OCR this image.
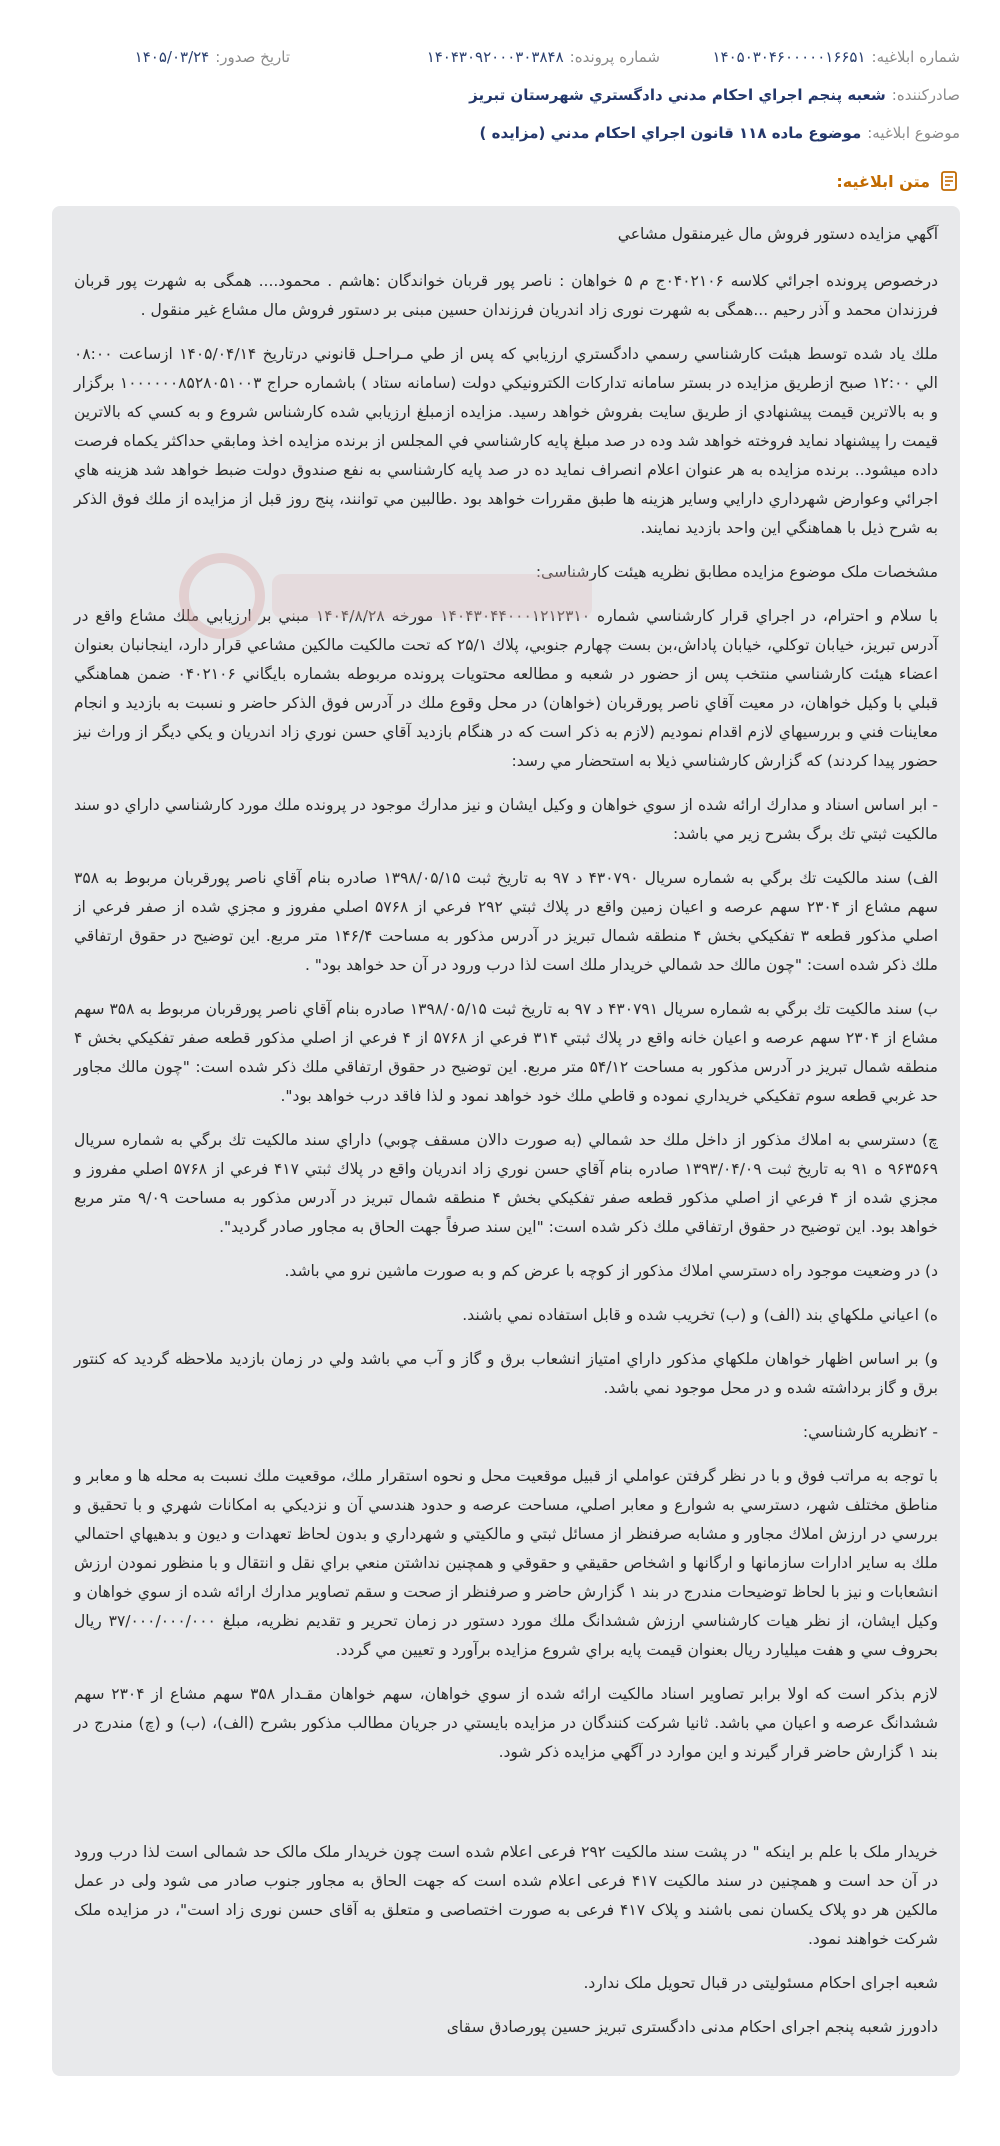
شماره ابلاغیه:
۱۴۰۵۰۳۰۴۶۰۰۰۰۰۱۶۶۵۱
شماره پرونده:
۱۴۰۴۳۰۹۲۰۰۰۳۰۳۸۴۸
تاریخ صدور:
۱۴۰۵/۰۳/۲۴
صادرکننده:
شعبه پنجم اجراي احكام مدني دادگستري شهرستان تبريز
موضوع ابلاغیه:
موضوع ماده ۱۱۸ قانون اجراي احكام مدني (مزايده )
متن ابلاغیه:

آگهي مزايده دستور فروش مال غيرمنقول مشاعي

درخصوص پرونده اجرائي كلاسه ۰۴۰۲۱۰۶ج م ۵ خواهان : ناصر پور قربان خواندگان :هاشم . محمود.... همگی به شهرت پور قربان فرزندان محمد و آذر رحیم ...همگی به شهرت نوری زاد اندریان فرزندان حسین مبنی بر دستور فروش مال مشاع غیر منقول .

ملك ياد شده توسط هبئت كارشناسي رسمي دادگستري ارزيابي كه پس از طي مـراحـل قانوني درتاريخ ۱۴۰۵/۰۴/۱۴ ازساعت ۰۸:۰۰ الي ۱۲:۰۰ صبح ازطريق مزايده در بستر سامانه تداركات الكترونيكي دولت (سامانه ستاد ) باشماره حراج ۱۰۰۰۰۰۰۸۵۲۸۰۵۱۰۰۳ برگزار و به بالاترين قيمت پيشنهادي از طريق سايت بفروش خواهد رسيد. مزايده ازمبلغ ارزيابي شده كارشناس شروع و به كسي كه بالاترين قيمت را پيشنهاد نمايد فروخته خواهد شد وده در صد مبلغ پايه كارشناسي في المجلس از برنده مزايده اخذ ومابقي حداكثر يكماه فرصت داده ميشود.. برنده مزايده به هر عنوان اعلام انصراف نمايد ده در صد پايه كارشناسي به نفع صندوق دولت ضبط خواهد شد هزينه هاي اجرائي وعوارض شهرداري دارايي وساير هزينه ها طبق مقررات خواهد بود .طالبين مي توانند، پنج روز قبل از مزايده از ملك فوق الذكر به شرح ذيل با هماهنگي اين واحد بازديد نمايند.

مشخصات ملک موضوع مزایده مطابق نظریه هیئت کارشناسی:

با سلام و احترام، در اجراي قرار كارشناسي شماره ۱۴۰۴۳۰۴۴۰۰۰۱۲۱۲۳۱۰ مورخه ۱۴۰۴/۸/۲۸ مبني بر ارزيابي ملك مشاع واقع در آدرس تبريز، خيابان توكلي، خيابان پاداش،بن بست چهارم جنوبي، پلاك ۲۵/۱ كه تحت مالكيت مالكين مشاعي قرار دارد، اينجانبان بعنوان اعضاء هيئت كارشناسي منتخب پس از حضور در شعبه و مطالعه محتويات پرونده مربوطه بشماره بايگاني ۰۴۰۲۱۰۶ ضمن هماهنگي قبلي با وكيل خواهان، در معيت آقاي ناصر پورقربان (خواهان) در محل وقوع ملك در آدرس فوق الذكر حاضر و نسبت به بازديد و انجام معاينات فني و بررسيهاي لازم اقدام نموديم (لازم به ذكر است كه در هنگام بازديد آقاي حسن نوري زاد اندريان و يكي ديگر از وراث نيز حضور پيدا كردند) كه گزارش كارشناسي ذيلا به استحضار مي رسد:

- ابر اساس اسناد و مدارك ارائه شده از سوي خواهان و وكيل ايشان و نيز مدارك موجود در پرونده ملك مورد كارشناسي داراي دو سند مالكيت ثبتي تك برگ بشرح زير مي باشد:

الف) سند مالكيت تك برگي به شماره سريال ۴۳۰۷۹۰ د ۹۷ به تاريخ ثبت ۱۳۹۸/۰۵/۱۵ صادره بنام آقاي ناصر پورقربان مربوط به ۳۵۸ سهم مشاع از ۲۳۰۴ سهم عرصه و اعيان زمين واقع در پلاك ثبتي ۲۹۲ فرعي از ۵۷۶۸ اصلي مفروز و مجزي شده از صفر فرعي از اصلي مذكور قطعه ۳ تفكيكي بخش ۴ منطقه شمال تبريز در آدرس مذكور به مساحت ۱۴۶/۴ متر مربع. اين توضيح در حقوق ارتفاقي ملك ذكر شده است: "چون مالك حد شمالي خريدار ملك است لذا درب ورود در آن حد خواهد بود" .

ب) سند مالكيت تك برگي به شماره سريال ۴۳۰۷۹۱ د ۹۷ به تاريخ ثبت ۱۳۹۸/۰۵/۱۵ صادره بنام آقاي ناصر پورقربان مربوط به ۳۵۸ سهم مشاع از ۲۳۰۴ سهم عرصه و اعيان خانه واقع در پلاك ثبتي ۳۱۴ فرعي از ۵۷۶۸ از ۴ فرعي از اصلي مذكور قطعه صفر تفكيكي بخش ۴ منطقه شمال تبريز در آدرس مذكور به مساحت ۵۴/۱۲ متر مربع. اين توضيح در حقوق ارتفاقي ملك ذكر شده است: "چون مالك مجاور حد غربي قطعه سوم تفكيكي خريداري نموده و قاطي ملك خود خواهد نمود و لذا فاقد درب خواهد بود".

چ) دسترسي به املاك مذكور از داخل ملك حد شمالي (به صورت دالان مسقف چوبي) داراي سند مالكيت تك برگي به شماره سريال ۹۶۳۵۶۹ ه ۹۱ به تاريخ ثبت ۱۳۹۳/۰۴/۰۹ صادره بنام آقاي حسن نوري زاد اندريان واقع در پلاك ثبتي ۴۱۷ فرعي از ۵۷۶۸ اصلي مفروز و مجزي شده از ۴ فرعي از اصلي مذكور قطعه صفر تفكيكي بخش ۴ منطقه شمال تبريز در آدرس مذكور به مساحت ۹/۰۹ متر مربع خواهد بود. اين توضيح در حقوق ارتفاقي ملك ذكر شده است: "اين سند صرفاً جهت الحاق به مجاور صادر گرديد".

د) در وضعيت موجود راه دسترسي املاك مذكور از كوچه با عرض كم و به صورت ماشين نرو مي باشد.

ه) اعياني ملكهاي بند (الف) و (ب) تخريب شده و قابل استفاده نمي باشند.

و) بر اساس اظهار خواهان ملكهاي مذكور داراي امتياز انشعاب برق و گاز و آب مي باشد ولي در زمان بازديد ملاحظه گرديد كه كنتور برق و گاز برداشته شده و در محل موجود نمي باشد.

- ۲نظريه كارشناسي:

با توجه به مراتب فوق و با در نظر گرفتن عواملي از قبيل موقعيت محل و نحوه استقرار ملك، موقعيت ملك نسبت به محله ها و معابر و مناطق مختلف شهر، دسترسي به شوارع و معابر اصلي، مساحت عرصه و حدود هندسي آن و نزديكي به امكانات شهري و با تحقيق و بررسي در ارزش املاك مجاور و مشابه صرفنظر از مسائل ثبتي و مالكيتي و شهرداري و بدون لحاظ تعهدات و ديون و بدهيهاي احتمالي ملك به ساير ادارات سازمانها و ارگانها و اشخاص حقيقي و حقوقي و همچنين نداشتن منعي براي نقل و انتقال و با منظور نمودن ارزش انشعابات و نيز با لحاظ توضيحات مندرج در بند ۱ گزارش حاضر و صرفنظر از صحت و سقم تصاوير مدارك ارائه شده از سوي خواهان و وكيل ايشان، از نظر هيات كارشناسي ارزش ششدانگ ملك مورد دستور در زمان تحرير و تقديم نظريه، مبلغ ۳۷/۰۰۰/۰۰۰/۰۰۰ ريال بحروف سي و هفت ميليارد ريال بعنوان قيمت پايه براي شروع مزايده برآورد و تعيين مي گردد.

لازم بذكر است كه اولا برابر تصاوير اسناد مالكيت ارائه شده از سوي خواهان، سهم خواهان مقـدار ۳۵۸ سهم مشاع از ۲۳۰۴ سهم ششدانگ عرصه و اعيان مي باشد. ثانيا شركت كنندگان در مزايده بايستي در جريان مطالب مذكور بشرح (الف)، (ب) و (چ) مندرج در بند ۱ گزارش حاضر قرار گيرند و اين موارد در آگهي مزايده ذكر شود.

خریدار ملک با علم بر اینکه " در پشت سند مالکیت ۲۹۲ فرعی اعلام شده است چون خریدار ملک مالک حد شمالی است لذا درب ورود در آن حد است و همچنین در سند مالکیت ۴۱۷ فرعی اعلام شده است که جهت الحاق به مجاور جنوب صادر می شود ولی در عمل مالکین هر دو پلاک یکسان نمی باشند و پلاک ۴۱۷ فرعی به صورت اختصاصی و متعلق به آقای حسن نوری زاد است"، در مزایده ملک شرکت خواهند نمود.

شعبه اجرای احکام مسئولیتی در قبال تحویل ملک ندارد.

دادورز شعبه پنجم اجرای احکام مدنی دادگستری تبریز حسین پورصادق سقای
